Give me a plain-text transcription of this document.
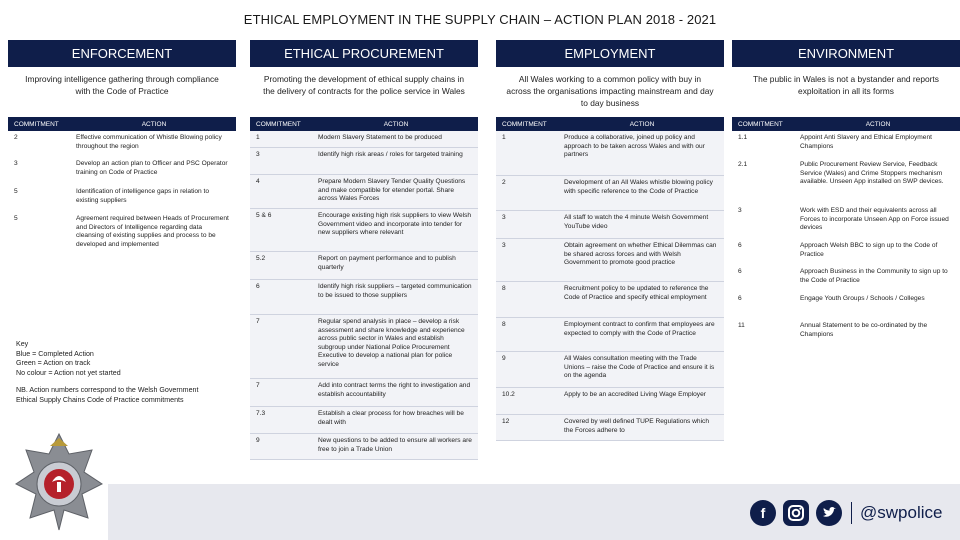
ETHICAL EMPLOYMENT IN THE SUPPLY CHAIN – ACTION PLAN 2018 - 2021
ENFORCEMENT
Improving intelligence gathering through compliance with the Code of Practice
COMMITMENT	ACTION
2	Effective communication of Whistle Blowing policy throughout the region
3	Develop an action plan to Officer and PSC Operator training on Code of Practice
5	Identification of intelligence gaps in relation to existing suppliers
5	Agreement required between Heads of Procurement and Directors of Intelligence regarding data cleansing of existing supplies and process to be developed and implemented
ETHICAL PROCUREMENT
Promoting the development of ethical supply chains in the delivery of contracts for the police service in Wales
COMMITMENT	ACTION
1	Modern Slavery Statement to be produced
3	Identify high risk areas / roles for targeted training
4	Prepare Modern Slavery Tender Quality Questions and make compatible for etender portal. Share across Wales Forces
5 & 6	Encourage existing high risk suppliers to view Welsh Government video and incorporate into tender for new suppliers where relevant
5.2	Report on payment performance and to publish quarterly
6	Identify high risk suppliers – targeted communication to be issued to those suppliers
7	Regular spend analysis in place – develop a risk assessment and share knowledge and experience across public sector in Wales and establish subgroup under National Police Procurement Executive to develop a national plan for police service
7	Add into contract terms the right to investigation and establish accountability
7.3	Establish a clear process for how breaches will be dealt with
9	New questions to be added to ensure all workers are free to join a Trade Union
EMPLOYMENT
All Wales working to a common policy with buy in across the organisations impacting mainstream and day to day business
COMMITMENT	ACTION
1	Produce a collaborative, joined up policy and approach to be taken across Wales and with our partners
2	Development of an All Wales whistle blowing policy with specific reference to the Code of Practice
3	All staff to watch the 4 minute Welsh Government YouTube video
3	Obtain agreement on whether Ethical Dilemmas can be shared across forces and with Welsh Government to promote good practice
8	Recruitment policy to be updated to reference the Code of Practice and specify ethical employment
8	Employment contract to confirm that employees are expected to comply with the Code of Practice
9	All Wales consultation meeting with the Trade Unions – raise the Code of Practice and ensure it is on the agenda
10.2	Apply to be an accredited Living Wage Employer
12	Covered by well defined TUPE Regulations which the Forces adhere to
ENVIRONMENT
The public in Wales is not a bystander and reports exploitation in all its forms
COMMITMENT	ACTION
1.1	Appoint Anti Slavery and Ethical Employment Champions
2.1	Public Procurement Review Service, Feedback Service (Wales) and Crime Stoppers mechanism available. Unseen App installed on SWP devices.
3	Work with ESD and their equivalents across all Forces to incorporate Unseen App on Force issued devices
6	Approach Welsh BBC to sign up to the Code of Practice
6	Approach Business in the Community to sign up to the Code of Practice
6	Engage Youth Groups / Schools / Colleges
11	Annual Statement to be co-ordinated by the Champions

Key
Blue = Completed Action
Green = Action on track
No colour = Action not yet started

NB. Action numbers correspond to the Welsh Government Ethical Supply Chains Code of Practice commitments

f	@swpolice
